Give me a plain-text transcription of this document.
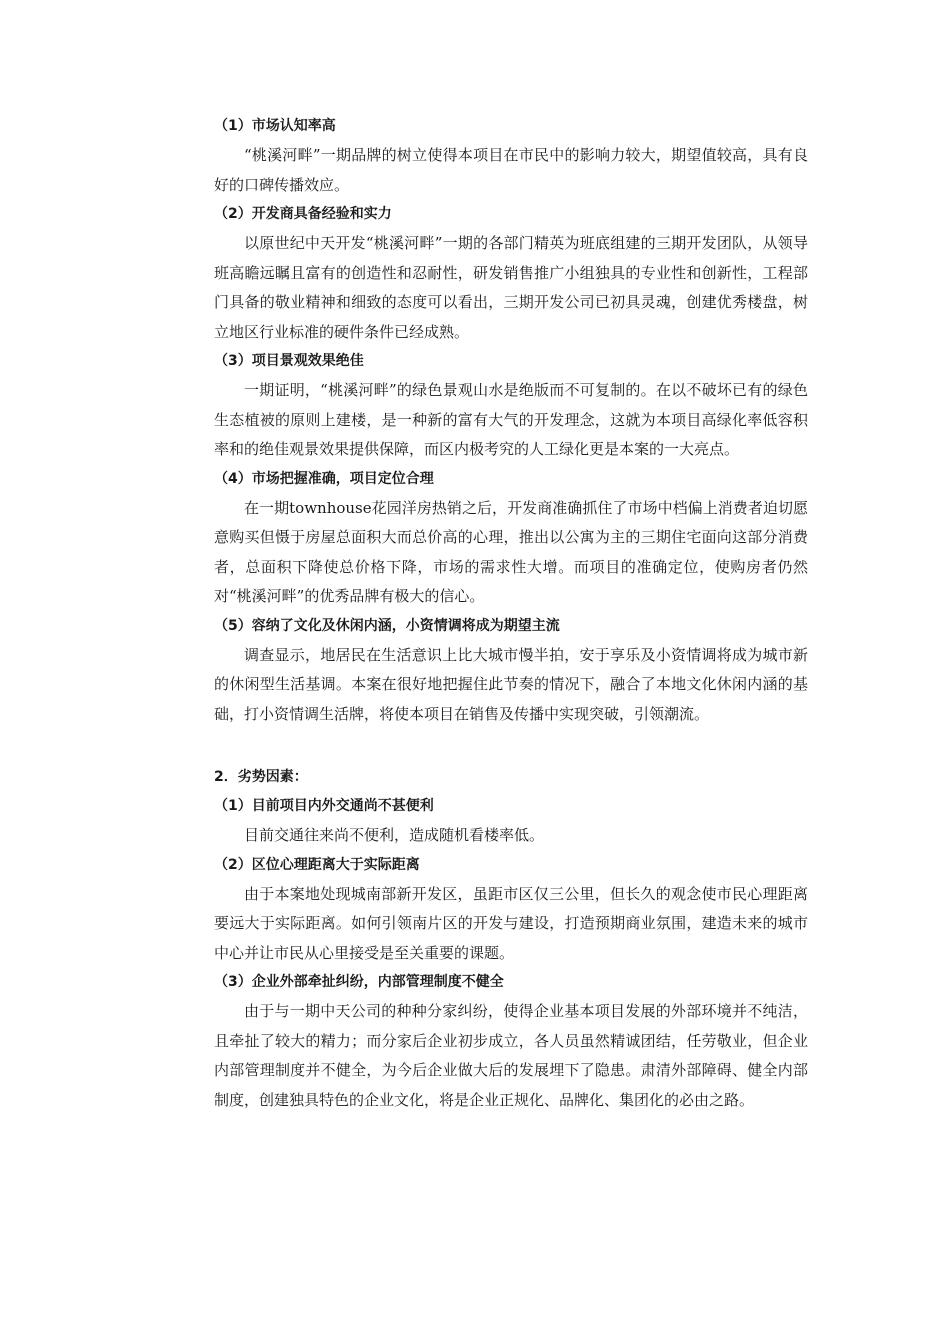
（1）市场认知率高

“桃溪河畔”一期品牌的树立使得本项目在市民中的影响力较大，期望值较高，具有良好的口碑传播效应。

（2）开发商具备经验和实力

以原世纪中天开发“桃溪河畔”一期的各部门精英为班底组建的三期开发团队，从领导班高瞻远瞩且富有的创造性和忍耐性，研发销售推广小组独具的专业性和创新性，工程部门具备的敬业精神和细致的态度可以看出，三期开发公司已初具灵魂，创建优秀楼盘，树立地区行业标准的硬件条件已经成熟。

（3）项目景观效果绝佳

一期证明，“桃溪河畔”的绿色景观山水是绝版而不可复制的。在以不破坏已有的绿色生态植被的原则上建楼，是一种新的富有大气的开发理念，这就为本项目高绿化率低容积率和的绝佳观景效果提供保障，而区内极考究的人工绿化更是本案的一大亮点。

（4）市场把握准确，项目定位合理

在一期townhouse花园洋房热销之后，开发商准确抓住了市场中档偏上消费者迫切愿意购买但慑于房屋总面积大而总价高的心理，推出以公寓为主的三期住宅面向这部分消费者，总面积下降使总价格下降，市场的需求性大增。而项目的准确定位，使购房者仍然对“桃溪河畔”的优秀品牌有极大的信心。

（5）容纳了文化及休闲内涵，小资情调将成为期望主流

调查显示，地居民在生活意识上比大城市慢半拍，安于享乐及小资情调将成为城市新的休闲型生活基调。本案在很好地把握住此节奏的情况下，融合了本地文化休闲内涵的基础，打小资情调生活牌，将使本项目在销售及传播中实现突破，引领潮流。

2．劣势因素：
（1）目前项目内外交通尚不甚便利

目前交通往来尚不便利，造成随机看楼率低。

（2）区位心理距离大于实际距离

由于本案地处现城南部新开发区，虽距市区仅三公里，但长久的观念使市民心理距离要远大于实际距离。如何引领南片区的开发与建设，打造预期商业氛围，建造未来的城市中心并让市民从心里接受是至关重要的课题。

（3）企业外部牵扯纠纷，内部管理制度不健全

由于与一期中天公司的种种分家纠纷，使得企业基本项目发展的外部环境并不纯洁，且牵扯了较大的精力；而分家后企业初步成立，各人员虽然精诚团结，任劳敬业，但企业内部管理制度并不健全，为今后企业做大后的发展埋下了隐患。肃清外部障碍、健全内部制度，创建独具特色的企业文化，将是企业正规化、品牌化、集团化的必由之路。
